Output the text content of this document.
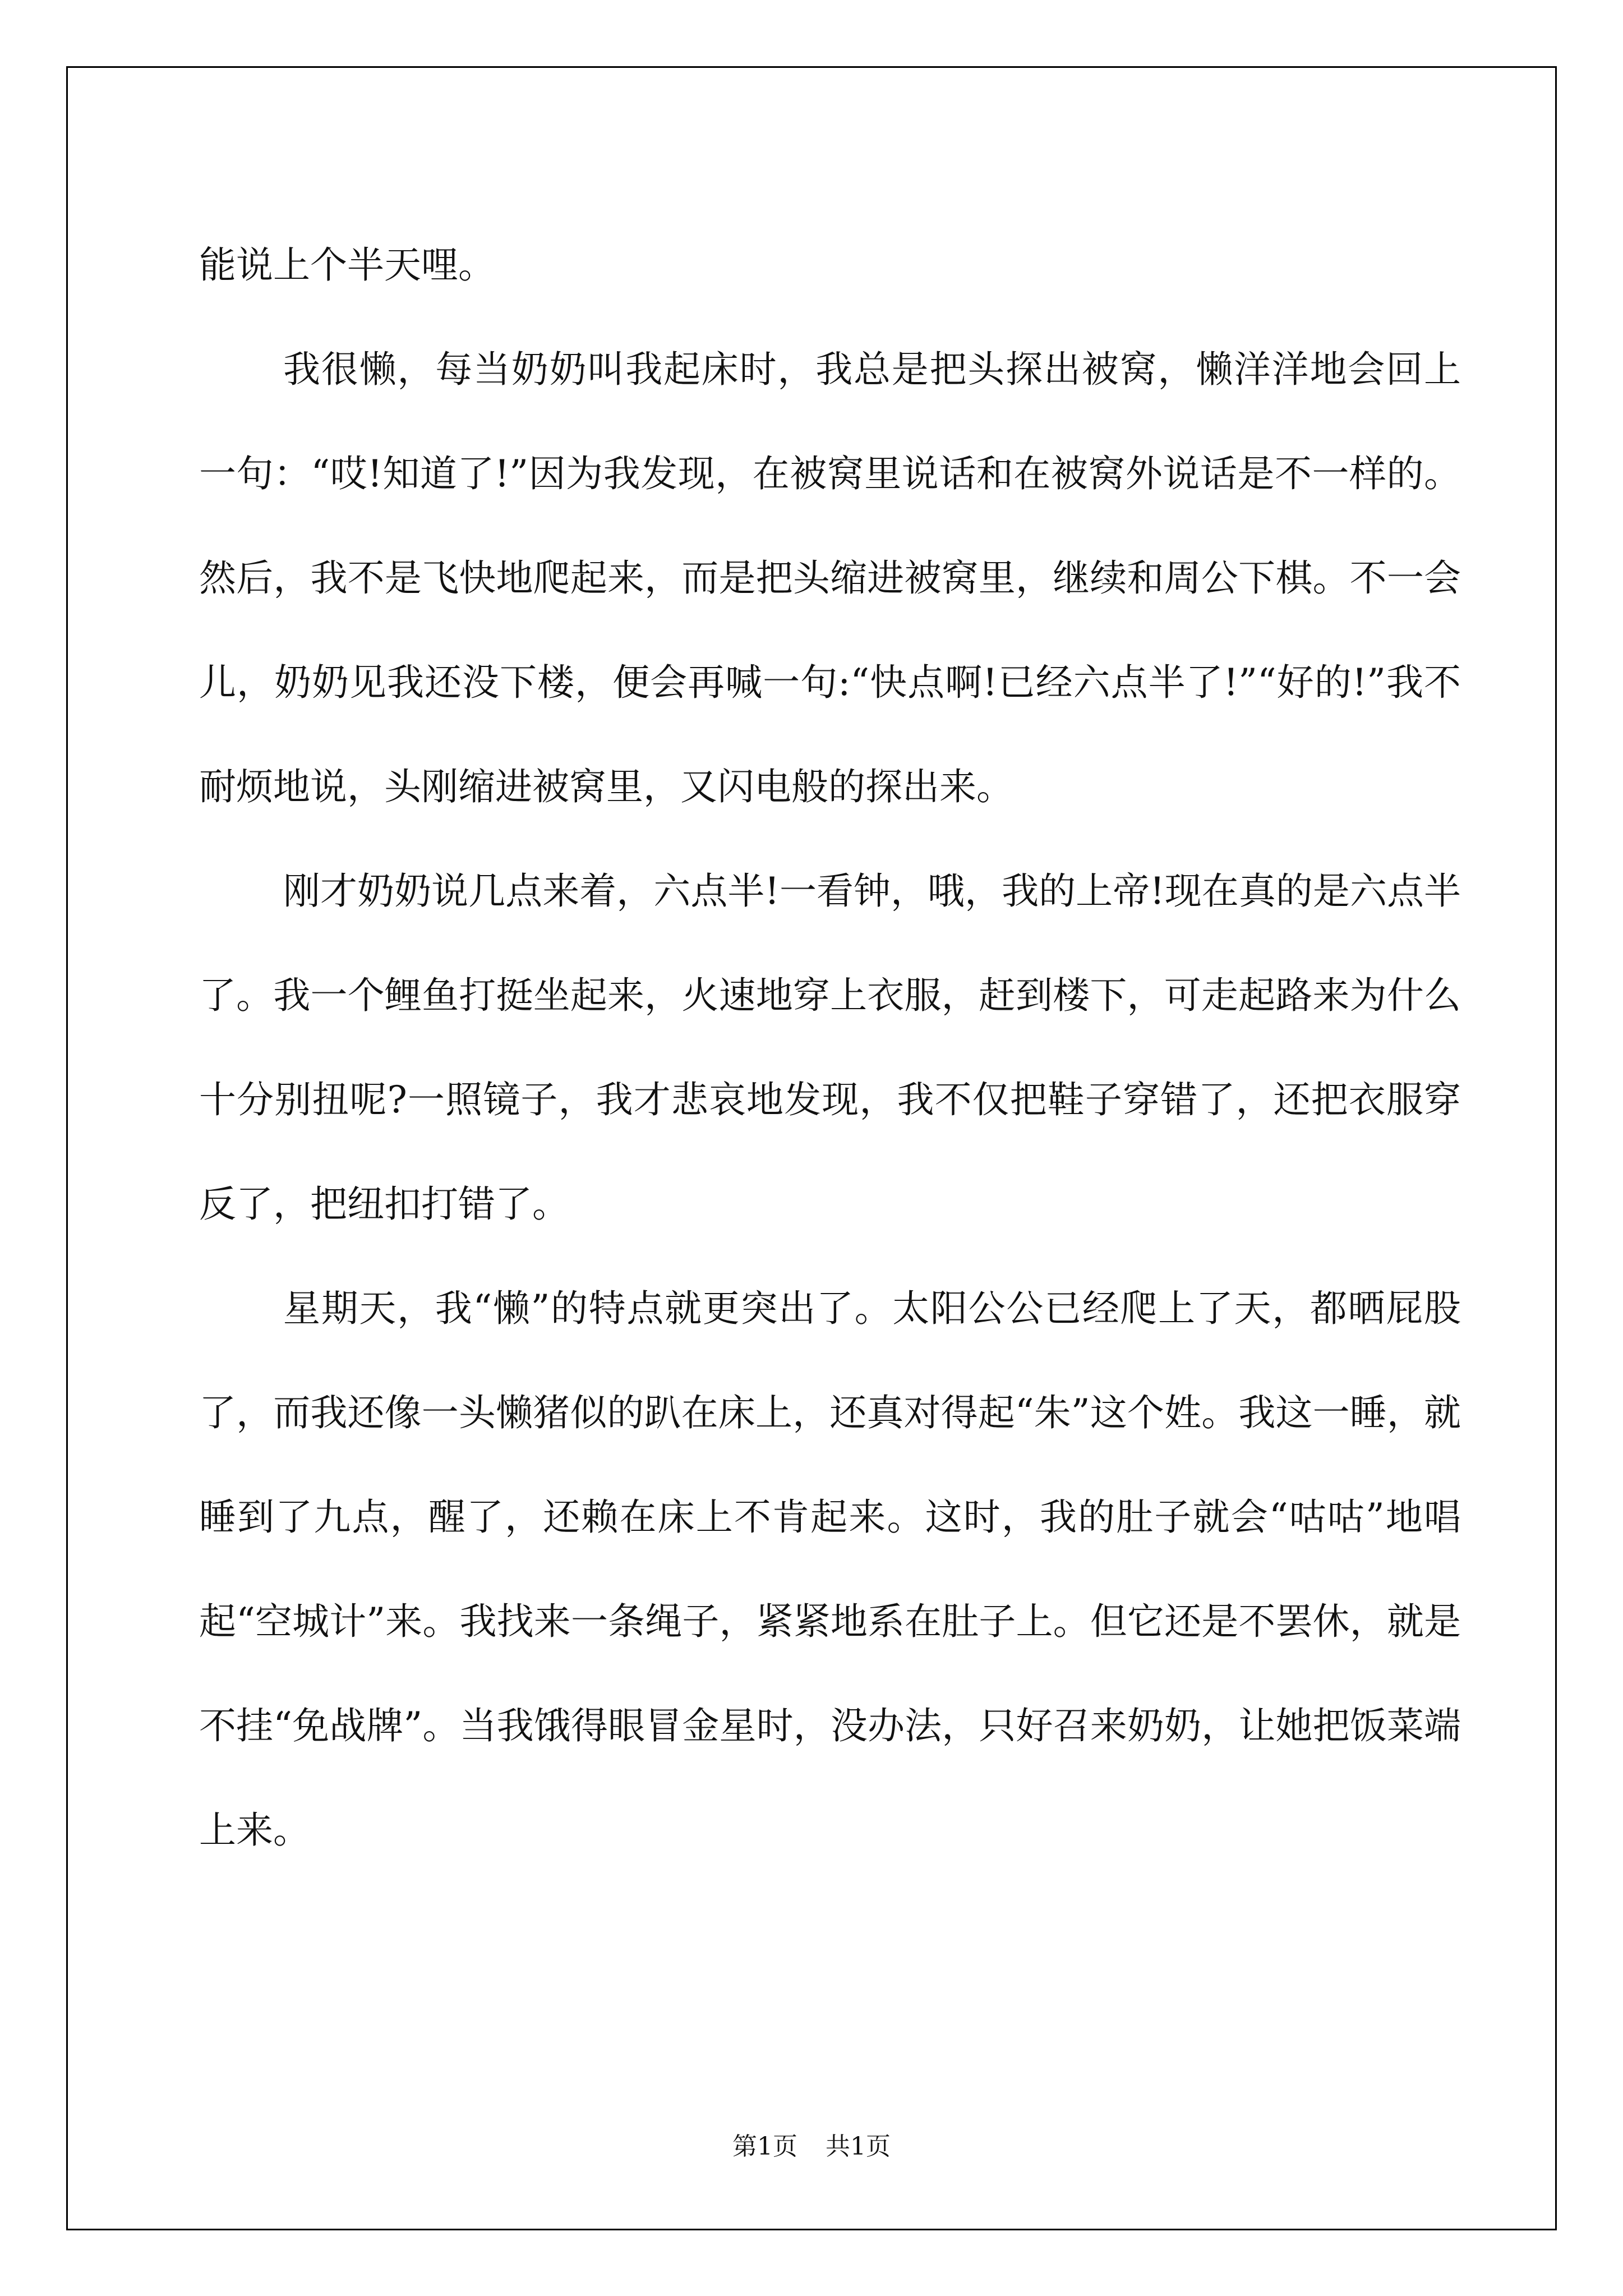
能说上个半天哩。

我很懒，每当奶奶叫我起床时，我总是把头探出被窝，懒洋洋地会回上一句：“哎!知道了!”因为我发现，在被窝里说话和在被窝外说话是不一样的。然后，我不是飞快地爬起来，而是把头缩进被窝里，继续和周公下棋。不一会儿，奶奶见我还没下楼，便会再喊一句:“快点啊!已经六点半了!”“好的!”我不耐烦地说，头刚缩进被窝里，又闪电般的探出来。

刚才奶奶说几点来着，六点半!一看钟，哦，我的上帝!现在真的是六点半了。我一个鲤鱼打挺坐起来，火速地穿上衣服，赶到楼下，可走起路来为什么十分别扭呢?一照镜子，我才悲哀地发现，我不仅把鞋子穿错了，还把衣服穿反了，把纽扣打错了。

星期天，我“懒”的特点就更突出了。太阳公公已经爬上了天，都晒屁股了，而我还像一头懒猪似的趴在床上，还真对得起“朱”这个姓。我这一睡，就睡到了九点，醒了，还赖在床上不肯起来。这时，我的肚子就会“咕咕”地唱起“空城计”来。我找来一条绳子，紧紧地系在肚子上。但它还是不罢休，就是不挂“免战牌”。当我饿得眼冒金星时，没办法，只好召来奶奶，让她把饭菜端上来。

第1页 共1页
